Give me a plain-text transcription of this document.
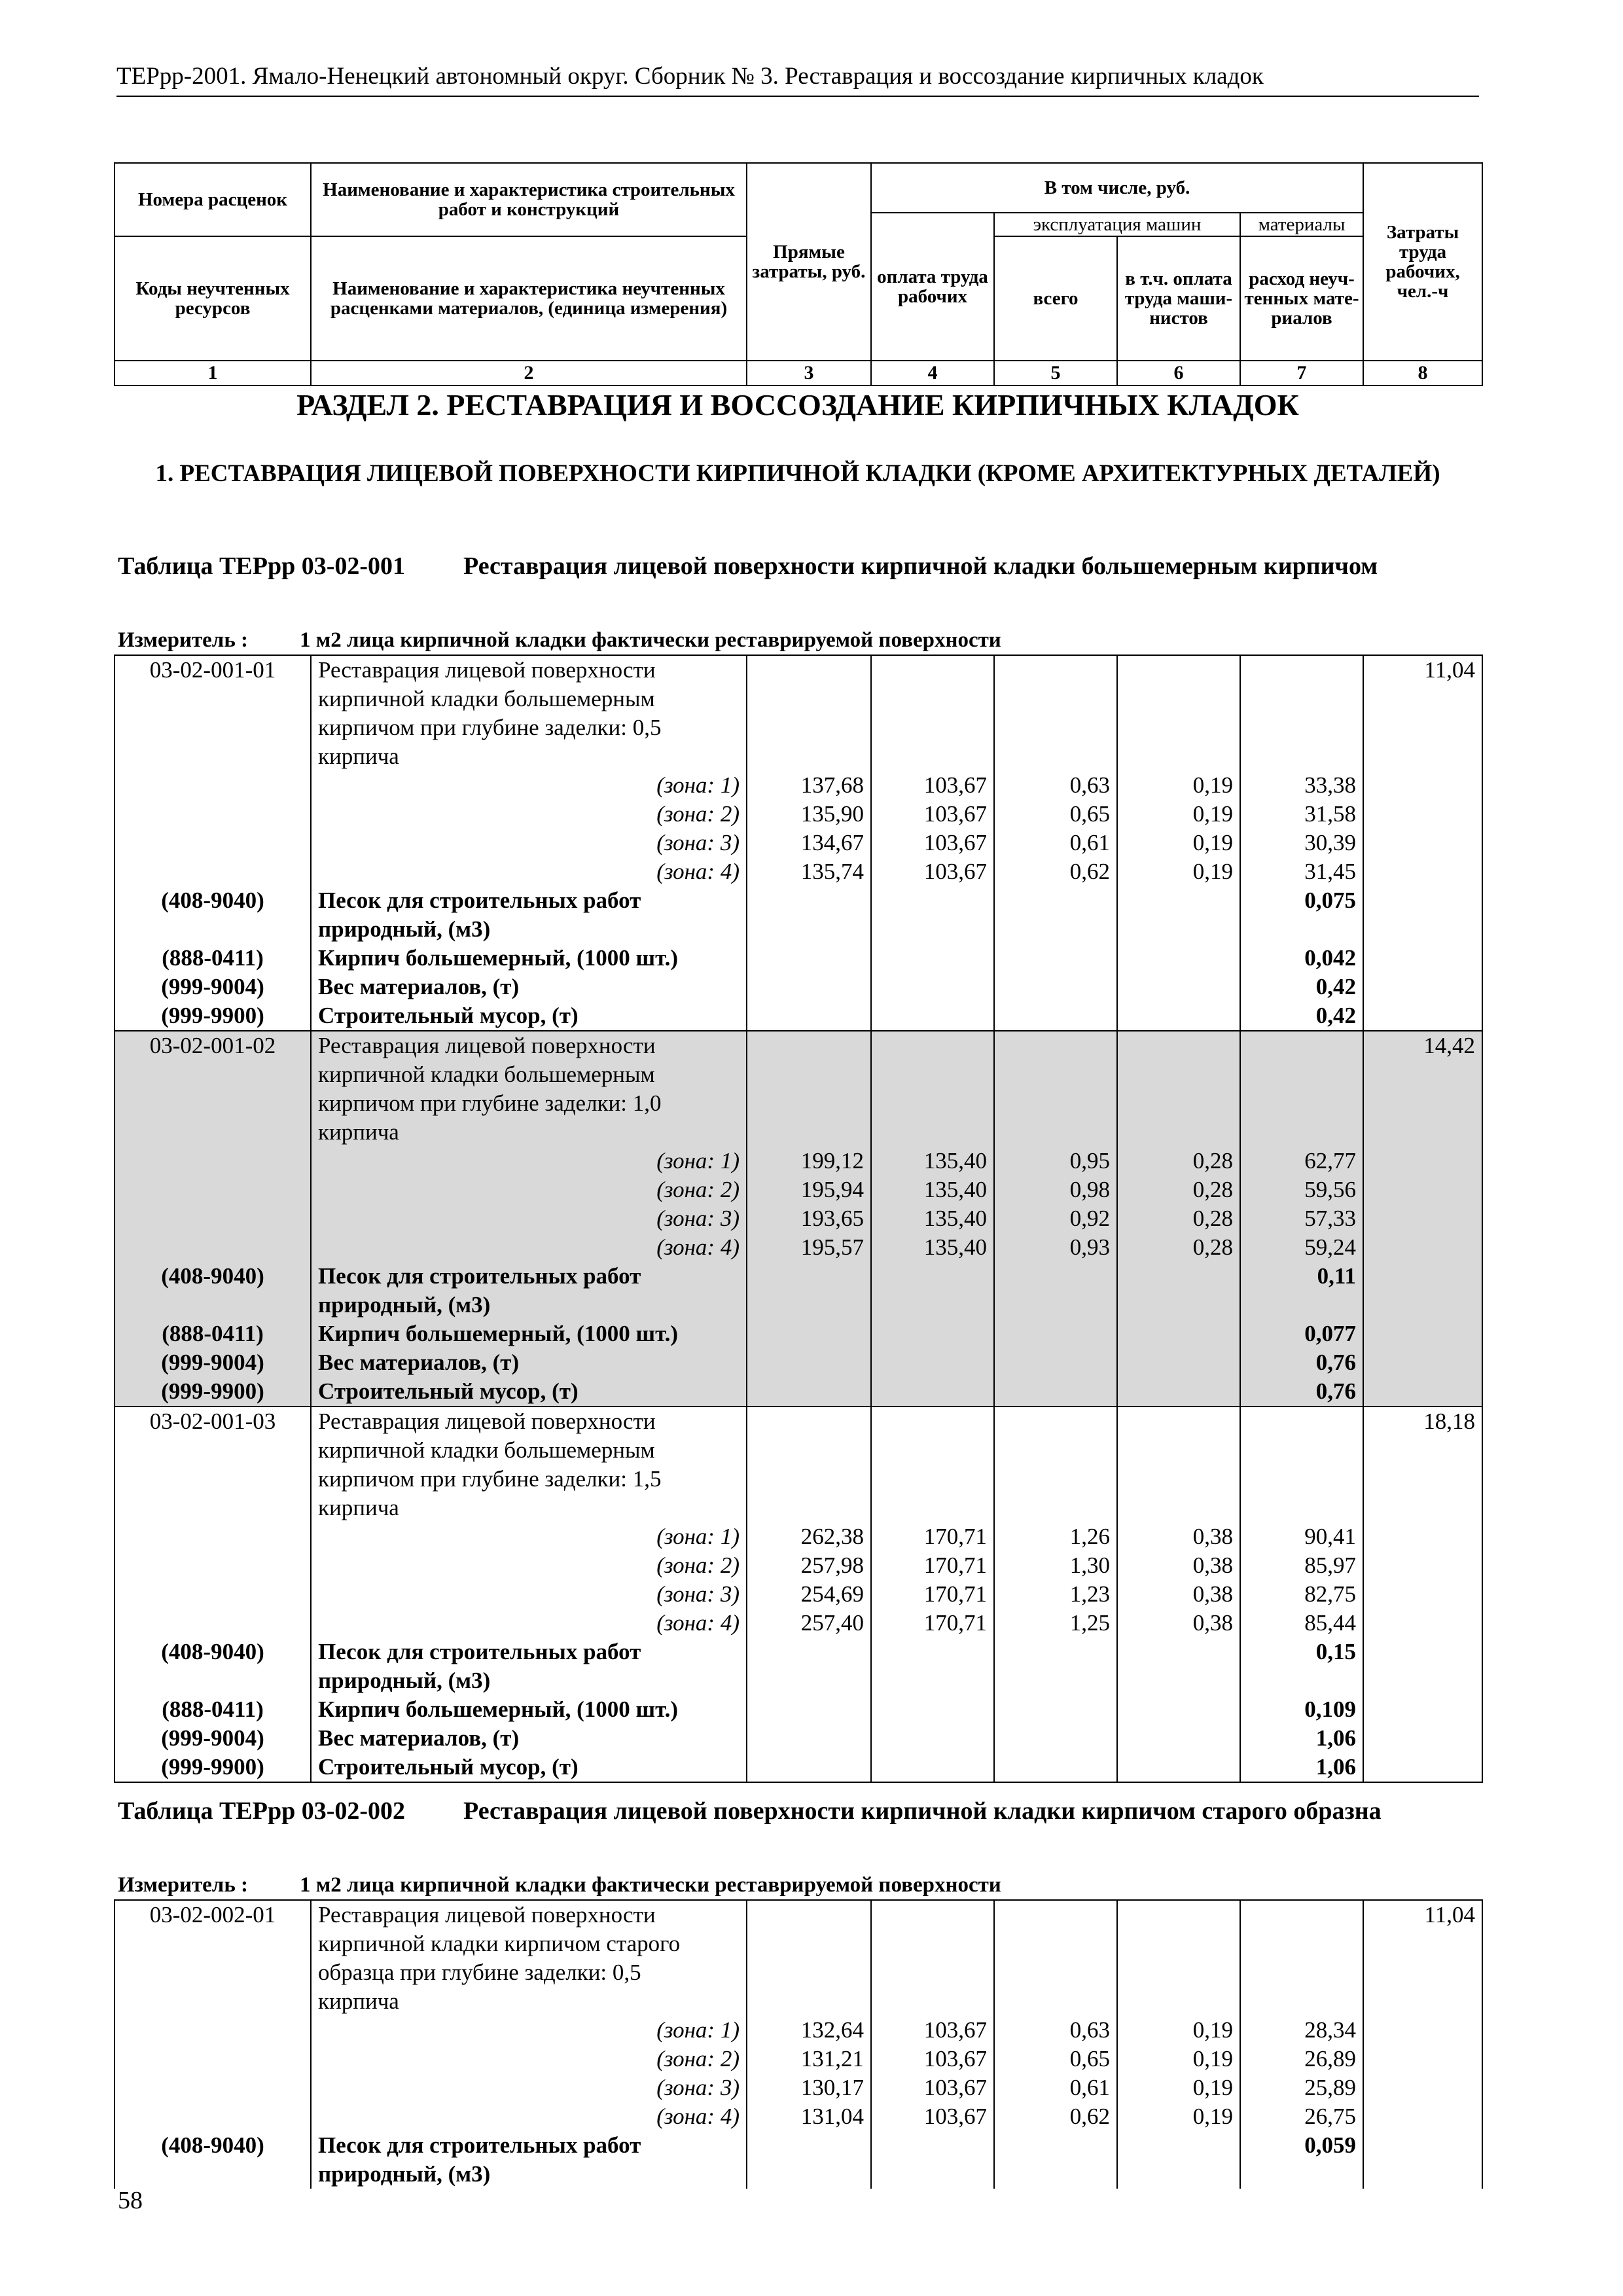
ТЕРрр-2001. Ямало-Ненецкий автономный округ. Сборник № 3. Реставрация и воссоздание кирпичных кладок
Номера расценок	Наименование и характеристика строительных работ и конструкций	Прямые затраты, руб.	В том числе, руб.				Затраты труда рабочих, чел.-ч
			оплата труда рабочих	эксплуатация машин		материалы	
Коды неучтенных ресурсов	Наименование и характеристика неучтенных расценками материалов, (единица измерения)			всего	в т.ч. оплата труда маши-нистов	расход неуч-тенных мате-риалов	

1	2	3	4	5	6	7	8
РАЗДЕЛ 2. РЕСТАВРАЦИЯ И ВОССОЗДАНИЕ КИРПИЧНЫХ КЛАДОК
1. РЕСТАВРАЦИЯ ЛИЦЕВОЙ ПОВЕРХНОСТИ КИРПИЧНОЙ КЛАДКИ (КРОМЕ АРХИТЕКТУРНЫХ ДЕТАЛЕЙ)
Таблица ТЕРрр 03-02-001 Реставрация лицевой поверхности кирпичной кладки большемерным кирпичом
Измеритель : 1 м2 лица кирпичной кладки фактически реставрируемой поверхности
03-02-001-01	Реставрация лицевой поверхности						11,04
	кирпичной кладки большемерным						
	кирпичом при глубине заделки: 0,5						
	кирпича						
	(зона: 1)	137,68	103,67	0,63	0,19	33,38	
	(зона: 2)	135,90	103,67	0,65	0,19	31,58	
	(зона: 3)	134,67	103,67	0,61	0,19	30,39	
	(зона: 4)	135,74	103,67	0,62	0,19	31,45	
(408-9040)	Песок для строительных работ					0,075	
	природный, (м3)						
(888-0411)	Кирпич большемерный, (1000 шт.)					0,042	
(999-9004)	Вес материалов, (т)					0,42	
(999-9900)	Строительный мусор, (т)					0,42	
03-02-001-02	Реставрация лицевой поверхности						14,42
	кирпичной кладки большемерным						
	кирпичом при глубине заделки: 1,0						
	кирпича						
	(зона: 1)	199,12	135,40	0,95	0,28	62,77	
	(зона: 2)	195,94	135,40	0,98	0,28	59,56	
	(зона: 3)	193,65	135,40	0,92	0,28	57,33	
	(зона: 4)	195,57	135,40	0,93	0,28	59,24	
(408-9040)	Песок для строительных работ					0,11	
	природный, (м3)						
(888-0411)	Кирпич большемерный, (1000 шт.)					0,077	
(999-9004)	Вес материалов, (т)					0,76	
(999-9900)	Строительный мусор, (т)					0,76	
03-02-001-03	Реставрация лицевой поверхности						18,18
	кирпичной кладки большемерным						
	кирпичом при глубине заделки: 1,5						
	кирпича						
	(зона: 1)	262,38	170,71	1,26	0,38	90,41	
	(зона: 2)	257,98	170,71	1,30	0,38	85,97	
	(зона: 3)	254,69	170,71	1,23	0,38	82,75	
	(зона: 4)	257,40	170,71	1,25	0,38	85,44	
(408-9040)	Песок для строительных работ					0,15	
	природный, (м3)						
(888-0411)	Кирпич большемерный, (1000 шт.)					0,109	
(999-9004)	Вес материалов, (т)					1,06	
(999-9900)	Строительный мусор, (т)					1,06	
Таблица ТЕРрр 03-02-002 Реставрация лицевой поверхности кирпичной кладки кирпичом старого образна
Измеритель : 1 м2 лица кирпичной кладки фактически реставрируемой поверхности
03-02-002-01	Реставрация лицевой поверхности						11,04
	кирпичной кладки кирпичом старого						
	образца при глубине заделки: 0,5						
	кирпича						
	(зона: 1)	132,64	103,67	0,63	0,19	28,34	
	(зона: 2)	131,21	103,67	0,65	0,19	26,89	
	(зона: 3)	130,17	103,67	0,61	0,19	25,89	
	(зона: 4)	131,04	103,67	0,62	0,19	26,75	
(408-9040)	Песок для строительных работ					0,059	
	природный, (м3)						
58
